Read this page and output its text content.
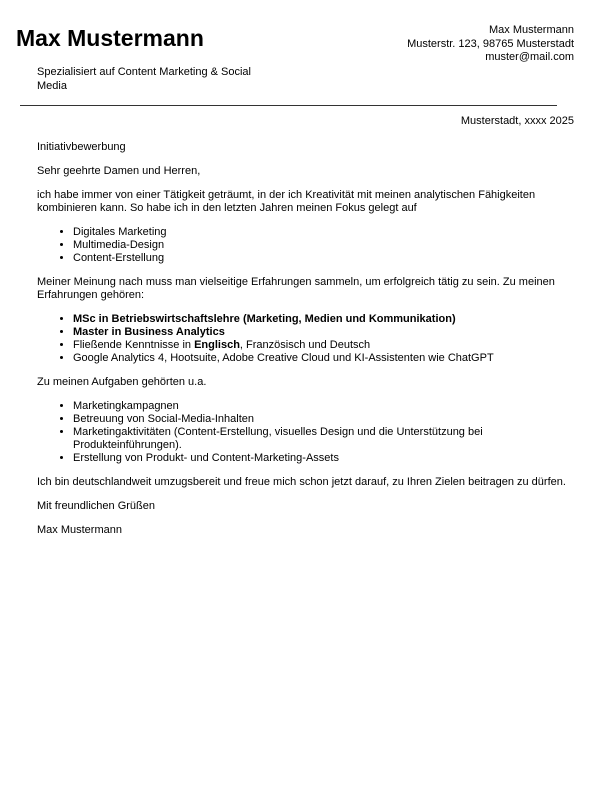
Max Mustermann	Max Mustermann
Musterstr. 123, 98765 Musterstadt
muster@mail.com
Spezialisiert auf Content Marketing & Social Media
Musterstadt, xxxx 2025

Initiativbewerbung

Sehr geehrte Damen und Herren,

ich habe immer von einer Tätigkeit geträumt, in der ich Kreativität mit meinen analytischen Fähigkeiten kombinieren kann. So habe ich in den letzten Jahren meinen Fokus gelegt auf

• Digitales Marketing
• Multimedia-Design
• Content-Erstellung

Meiner Meinung nach muss man vielseitige Erfahrungen sammeln, um erfolgreich tätig zu sein. Zu meinen Erfahrungen gehören:

• MSc in Betriebswirtschaftslehre (Marketing, Medien und Kommunikation)
• Master in Business Analytics
• Fließende Kenntnisse in Englisch, Französisch und Deutsch
• Google Analytics 4, Hootsuite, Adobe Creative Cloud und KI-Assistenten wie ChatGPT

Zu meinen Aufgaben gehörten u.a.

• Marketingkampagnen
• Betreuung von Social-Media-Inhalten
• Marketingaktivitäten (Content-Erstellung, visuelles Design und die Unterstützung bei Produkteinführungen).
• Erstellung von Produkt- und Content-Marketing-Assets

Ich bin deutschlandweit umzugsbereit und freue mich schon jetzt darauf, zu Ihren Zielen beitragen zu dürfen.

Mit freundlichen Grüßen

Max Mustermann
